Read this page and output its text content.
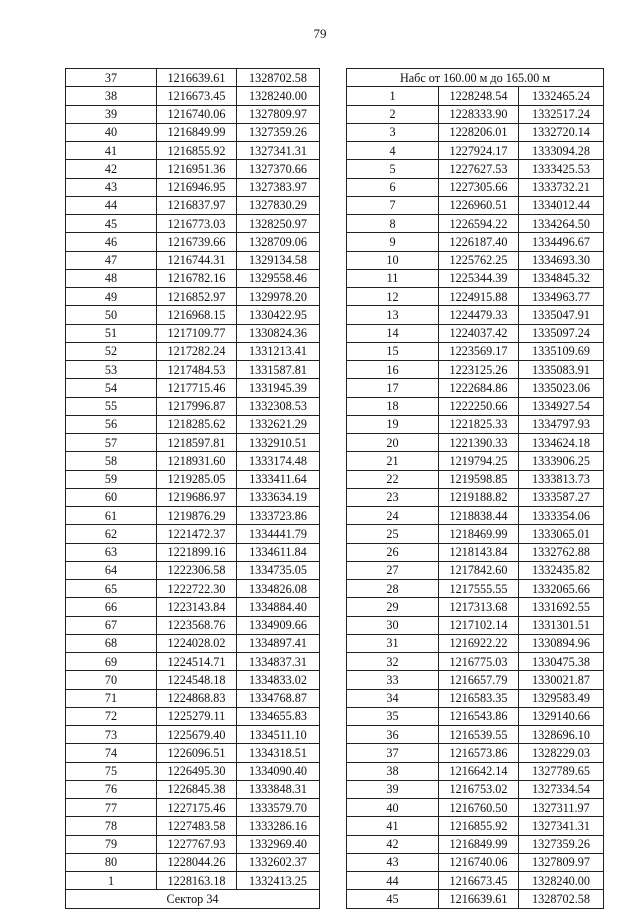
79
37	1216639.61	1328702.58
38	1216673.45	1328240.00
39	1216740.06	1327809.97
40	1216849.99	1327359.26
41	1216855.92	1327341.31
42	1216951.36	1327370.66
43	1216946.95	1327383.97
44	1216837.97	1327830.29
45	1216773.03	1328250.97
46	1216739.66	1328709.06
47	1216744.31	1329134.58
48	1216782.16	1329558.46
49	1216852.97	1329978.20
50	1216968.15	1330422.95
51	1217109.77	1330824.36
52	1217282.24	1331213.41
53	1217484.53	1331587.81
54	1217715.46	1331945.39
55	1217996.87	1332308.53
56	1218285.62	1332621.29
57	1218597.81	1332910.51
58	1218931.60	1333174.48
59	1219285.05	1333411.64
60	1219686.97	1333634.19
61	1219876.29	1333723.86
62	1221472.37	1334441.79
63	1221899.16	1334611.84
64	1222306.58	1334735.05
65	1222722.30	1334826.08
66	1223143.84	1334884.40
67	1223568.76	1334909.66
68	1224028.02	1334897.41
69	1224514.71	1334837.31
70	1224548.18	1334833.02
71	1224868.83	1334768.87
72	1225279.11	1334655.83
73	1225679.40	1334511.10
74	1226096.51	1334318.51
75	1226495.30	1334090.40
76	1226845.38	1333848.31
77	1227175.46	1333579.70
78	1227483.58	1333286.16
79	1227767.93	1332969.40
80	1228044.26	1332602.37
1	1228163.18	1332413.25
Сектор 34		
Набс от 160.00 м до 165.00 м		
1	1228248.54	1332465.24
2	1228333.90	1332517.24
3	1228206.01	1332720.14
4	1227924.17	1333094.28
5	1227627.53	1333425.53
6	1227305.66	1333732.21
7	1226960.51	1334012.44
8	1226594.22	1334264.50
9	1226187.40	1334496.67
10	1225762.25	1334693.30
11	1225344.39	1334845.32
12	1224915.88	1334963.77
13	1224479.33	1335047.91
14	1224037.42	1335097.24
15	1223569.17	1335109.69
16	1223125.26	1335083.91
17	1222684.86	1335023.06
18	1222250.66	1334927.54
19	1221825.33	1334797.93
20	1221390.33	1334624.18
21	1219794.25	1333906.25
22	1219598.85	1333813.73
23	1219188.82	1333587.27
24	1218838.44	1333354.06
25	1218469.99	1333065.01
26	1218143.84	1332762.88
27	1217842.60	1332435.82
28	1217555.55	1332065.66
29	1217313.68	1331692.55
30	1217102.14	1331301.51
31	1216922.22	1330894.96
32	1216775.03	1330475.38
33	1216657.79	1330021.87
34	1216583.35	1329583.49
35	1216543.86	1329140.66
36	1216539.55	1328696.10
37	1216573.86	1328229.03
38	1216642.14	1327789.65
39	1216753.02	1327334.54
40	1216760.50	1327311.97
41	1216855.92	1327341.31
42	1216849.99	1327359.26
43	1216740.06	1327809.97
44	1216673.45	1328240.00
45	1216639.61	1328702.58
